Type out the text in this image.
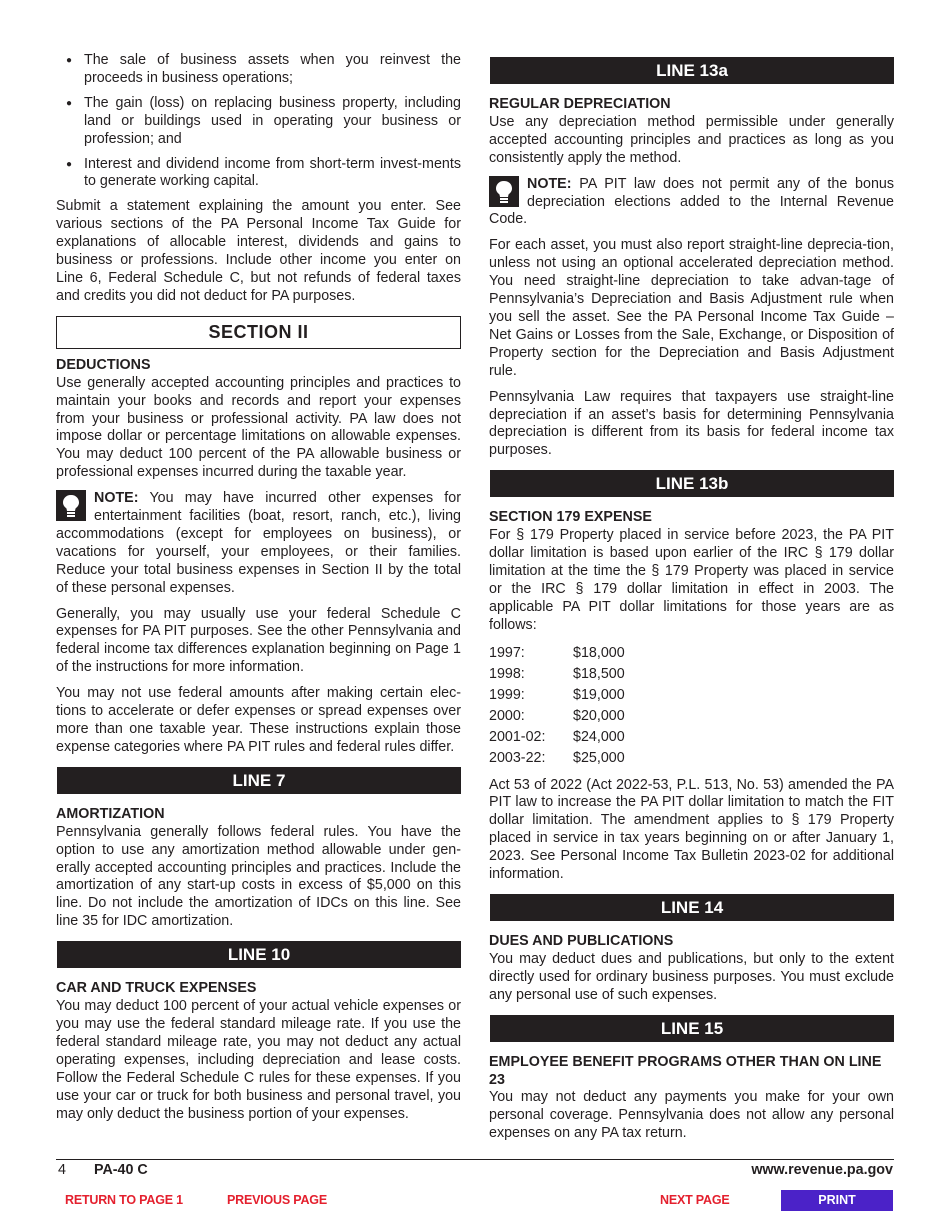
● The sale of business assets when you reinvest the proceeds in business operations;
● The gain (loss) on replacing business property, including land or buildings used in operating your business or profession; and
● Interest and dividend income from short-term invest-ments to generate working capital.

Submit a statement explaining the amount you enter. See various sections of the PA Personal Income Tax Guide for explanations of allocable interest, dividends and gains to business or professions. Include other income you enter on Line 6, Federal Schedule C, but not refunds of federal taxes and credits you did not deduct for PA purposes.

SECTION II
DEDUCTIONS

Use generally accepted accounting principles and practices to maintain your books and records and report your expenses from your business or professional activity. PA law does not impose dollar or percentage limitations on allowable expenses. You may deduct 100 percent of the PA allowable business or professional expenses incurred during the taxable year.

NOTE: You may have incurred other expenses for entertainment facilities (boat, resort, ranch, etc.), living accommodations (except for employees on business), or vacations for yourself, your employees, or their families. Reduce your total business expenses in Section II by the total of these personal expenses.

Generally, you may usually use your federal Schedule C expenses for PA PIT purposes. See the other Pennsylvania and federal income tax differences explanation beginning on Page 1 of the instructions for more information.

You may not use federal amounts after making certain elec-tions to accelerate or defer expenses or spread expenses over more than one taxable year. These instructions explain those expense categories where PA PIT rules and federal rules differ.

LINE 7
AMORTIZATION

Pennsylvania generally follows federal rules. You have the option to use any amortization method allowable under gen-erally accepted accounting principles and practices. Include the amortization of any start-up costs in excess of $5,000 on this line. Do not include the amortization of IDCs on this line. See line 35 for IDC amortization.

LINE 10
CAR AND TRUCK EXPENSES

You may deduct 100 percent of your actual vehicle expenses or you may use the federal standard mileage rate. If you use the federal standard mileage rate, you may not deduct any actual operating expenses, including depreciation and lease costs. Follow the Federal Schedule C rules for these expenses. If you use your car or truck for both business and personal travel, you may only deduct the business portion of your expenses.

LINE 13a
REGULAR DEPRECIATION

Use any depreciation method permissible under generally accepted accounting principles and practices as long as you consistently apply the method.

NOTE: PA PIT law does not permit any of the bonus depreciation elections added to the Internal Revenue Code.

For each asset, you must also report straight-line deprecia-tion, unless not using an optional accelerated depreciation method. You need straight-line depreciation to take advan-tage of Pennsylvania’s Depreciation and Basis Adjustment rule when you sell the asset. See the PA Personal Income Tax Guide – Net Gains or Losses from the Sale, Exchange, or Disposition of Property section for the Depreciation and Basis Adjustment rule.

Pennsylvania Law requires that taxpayers use straight-line depreciation if an asset’s basis for determining Pennsylvania depreciation is different from its basis for federal income tax purposes.

LINE 13b
SECTION 179 EXPENSE

For § 179 Property placed in service before 2023, the PA PIT dollar limitation is based upon earlier of the IRC § 179 dollar limitation at the time the § 179 Property was placed in service or the IRC § 179 dollar limitation in effect in 2003. The applicable PA PIT dollar limitations for those years are as follows:

1997:	$18,000
1998:	$18,500
1999:	$19,000
2000:	$20,000
2001-02:	$24,000
2003-22:	$25,000

Act 53 of 2022 (Act 2022-53, P.L. 513, No. 53) amended the PA PIT law to increase the PA PIT dollar limitation to match the FIT dollar limitation. The amendment applies to § 179 Property placed in service in tax years beginning on or after January 1, 2023. See Personal Income Tax Bulletin 2023-02 for additional information.

LINE 14
DUES AND PUBLICATIONS

You may deduct dues and publications, but only to the extent directly used for ordinary business purposes. You must exclude any personal use of such expenses.

LINE 15
EMPLOYEE BENEFIT PROGRAMS OTHER THAN ON LINE 23

You may not deduct any payments you make for your own personal coverage. Pennsylvania does not allow any personal expenses on any PA tax return.

4 PA-40 C	www.revenue.pa.gov
RETURN TO PAGE 1	PREVIOUS PAGE	NEXT PAGE	PRINT
